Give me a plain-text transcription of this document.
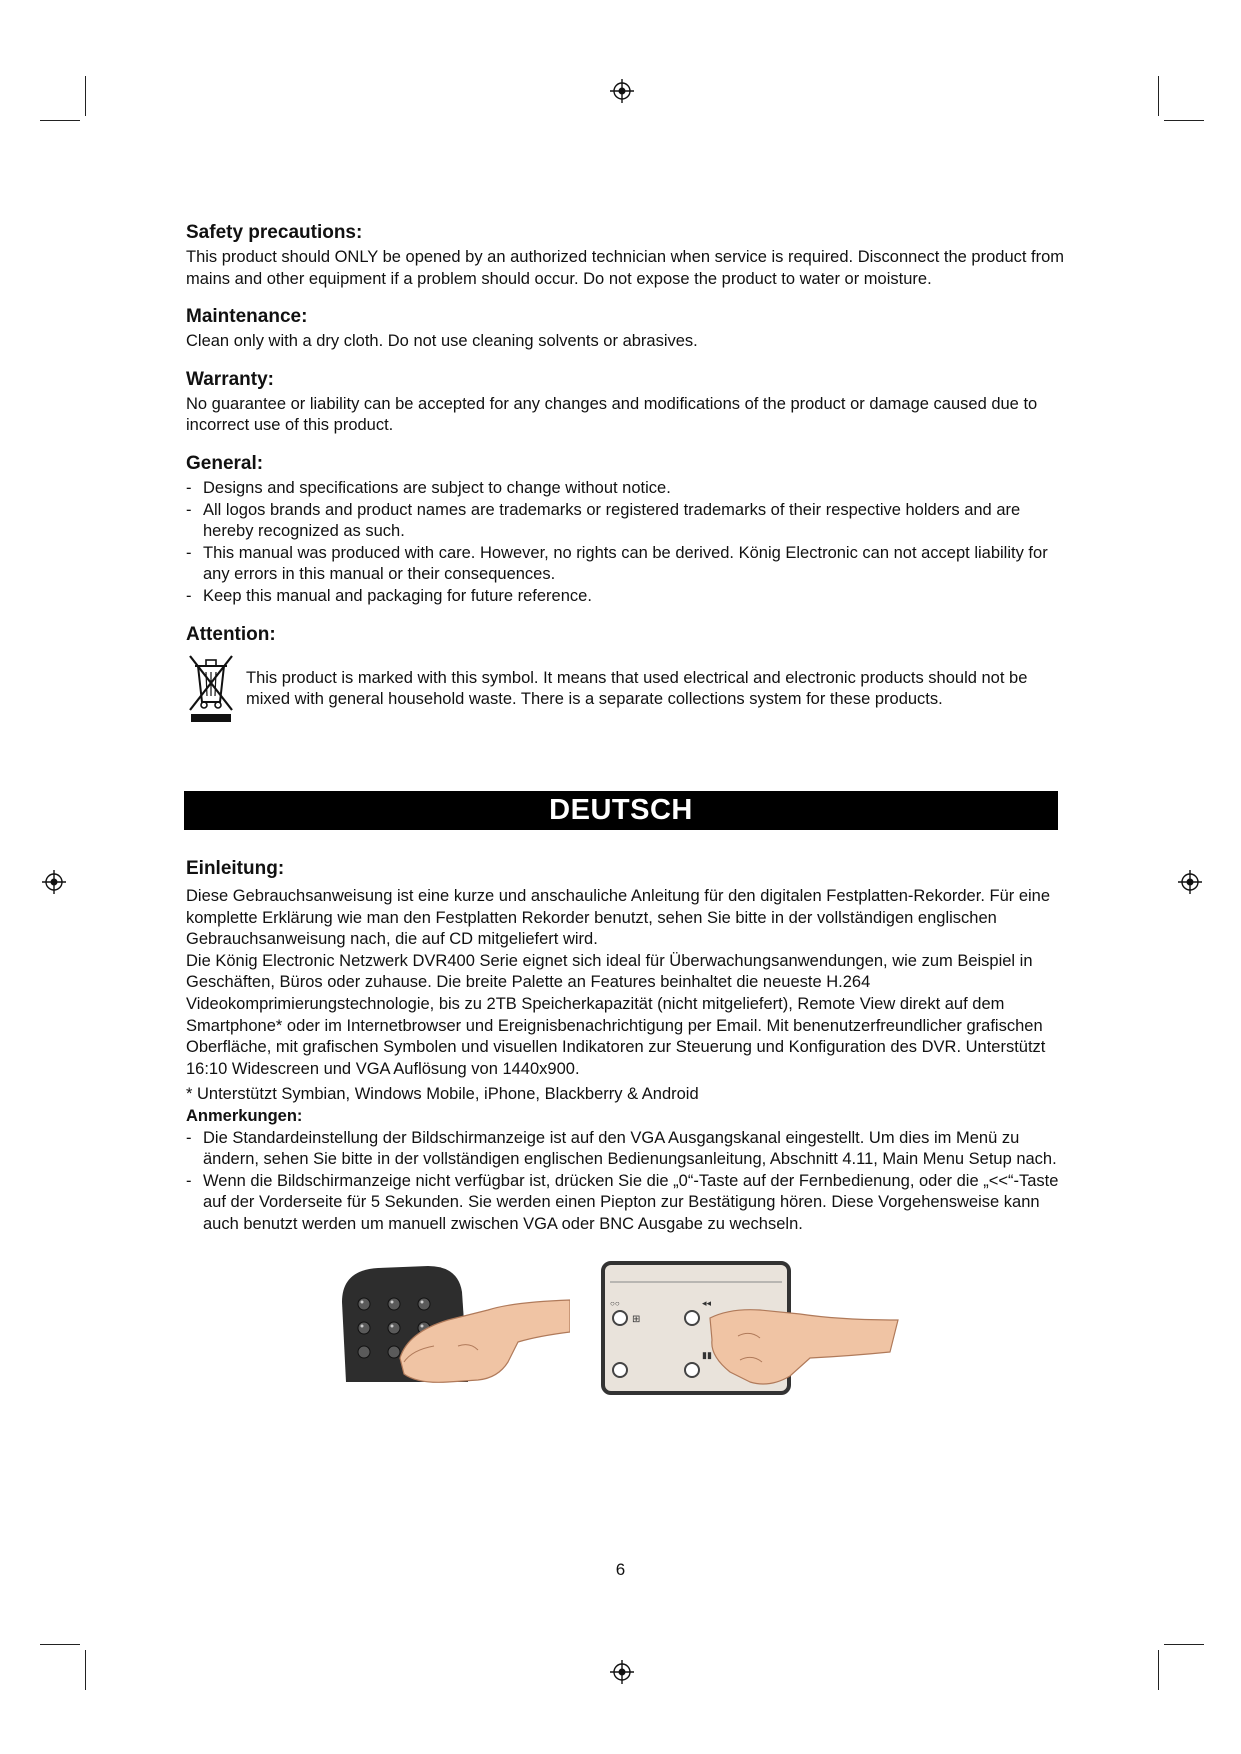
Safety precautions:

This product should ONLY be opened by an authorized technician when service is required. Disconnect the product from mains and other equipment if a problem should occur. Do not expose the product to water or moisture.

Maintenance:

Clean only with a dry cloth. Do not use cleaning solvents or abrasives.

Warranty:

No guarantee or liability can be accepted for any changes and modifications of the product or damage caused due to incorrect use of this product.

General:
- Designs and specifications are subject to change without notice.
- All logos brands and product names are trademarks or registered trademarks of their respective holders and are hereby recognized as such.
- This manual was produced with care. However, no rights can be derived. König Electronic can not accept liability for any errors in this manual or their consequences.
- Keep this manual and packaging for future reference.
Attention:

This product is marked with this symbol. It means that used electrical and electronic products should not be mixed with general household waste. There is a separate collections system for these products.

DEUTSCH
Einleitung:

Diese Gebrauchsanweisung ist eine kurze und anschauliche Anleitung für den digitalen Festplatten-Rekorder. Für eine komplette Erklärung wie man den Festplatten Rekorder benutzt, sehen Sie bitte in der vollständigen englischen Gebrauchsanweisung nach, die auf CD mitgeliefert wird.

Die König Electronic Netzwerk DVR400 Serie eignet sich ideal für Überwachungsanwendungen, wie zum Beispiel in Geschäften, Büros oder zuhause. Die breite Palette an Features beinhaltet die neueste H.264 Videokomprimierungstechnologie, bis zu 2TB Speicherkapazität (nicht mitgeliefert), Remote View direkt auf dem Smartphone* oder im Internetbrowser und Ereignisbenachrichtigung per Email. Mit benenutzerfreundlicher grafischen Oberfläche, mit grafischen Symbolen und visuellen Indikatoren zur Steuerung und Konfiguration des DVR. Unterstützt 16:10 Widescreen und VGA Auflösung von 1440x900.

* Unterstützt Symbian, Windows Mobile, iPhone, Blackberry & Android

Anmerkungen:
- Die Standardeinstellung der Bildschirmanzeige ist auf den VGA Ausgangskanal eingestellt. Um dies im Menü zu ändern, sehen Sie bitte in der vollständigen englischen Bedienungsanleitung, Abschnitt 4.11, Main Menu Setup nach.
- Wenn die Bildschirmanzeige nicht verfügbar ist, drücken Sie die „0“-Taste auf der Fernbedienung, oder die „<<“-Taste auf der Vorderseite für 5 Sekunden. Sie werden einen Piepton zur Bestätigung hören. Diese Vorgehensweise kann auch benutzt werden um manuell zwischen VGA oder BNC Ausgabe zu wechseln.
○○
⊞
◂◂
▮▮
6
